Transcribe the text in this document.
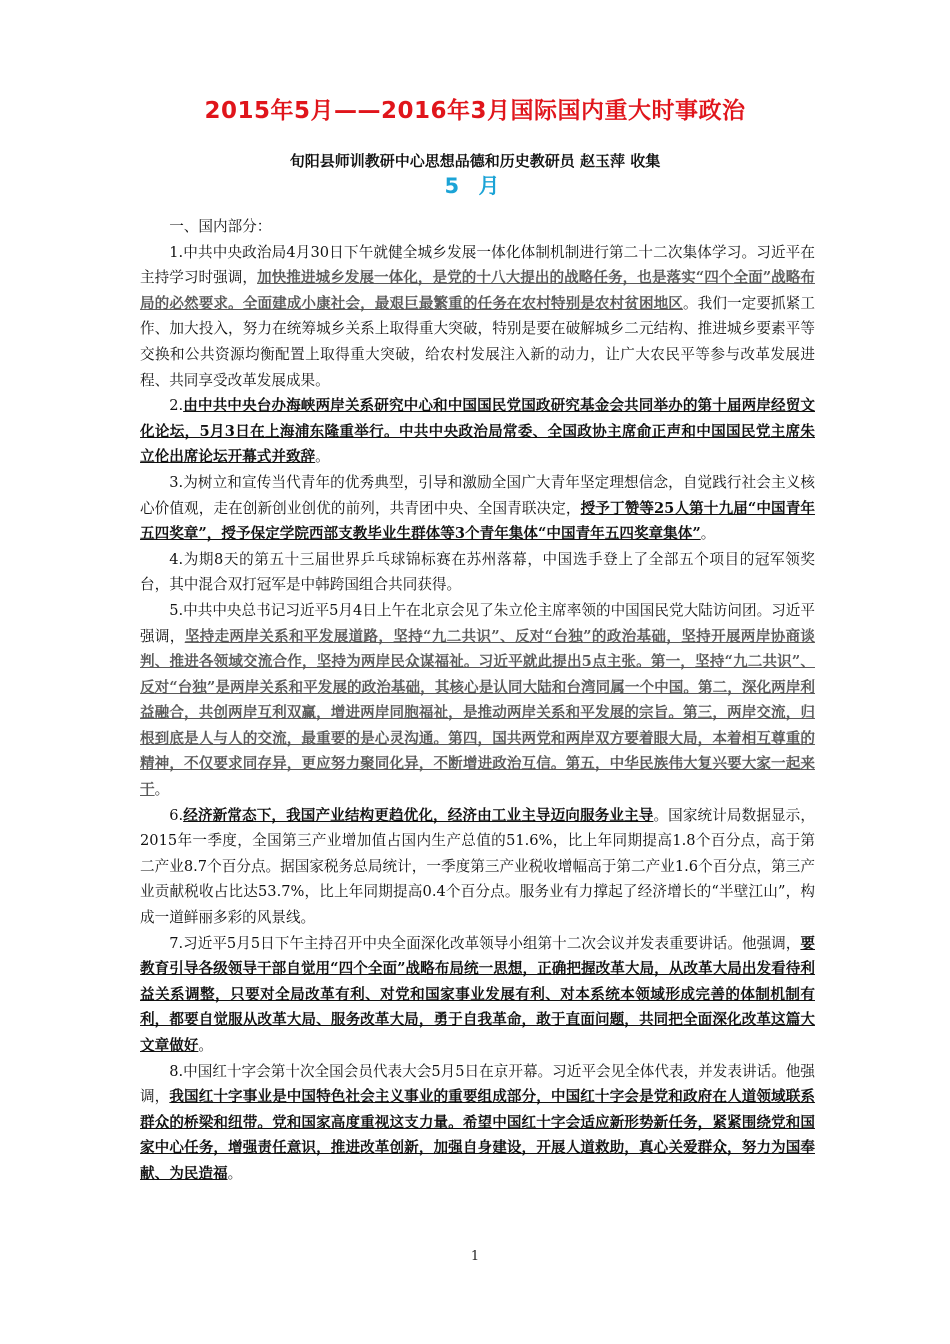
2015年5月——2016年3月国际国内重大时事政治
旬阳县师训教研中心思想品德和历史教研员 赵玉萍 收集
5 月

一、国内部分：

1.中共中央政治局4月30日下午就健全城乡发展一体化体制机制进行第二十二次集体学习。习近平在主持学习时强调，加快推进城乡发展一体化，是党的十八大提出的战略任务，也是落实“四个全面”战略布局的必然要求。全面建成小康社会，最艰巨最繁重的任务在农村特别是农村贫困地区。我们一定要抓紧工作、加大投入，努力在统筹城乡关系上取得重大突破，特别是要在破解城乡二元结构、推进城乡要素平等交换和公共资源均衡配置上取得重大突破，给农村发展注入新的动力，让广大农民平等参与改革发展进程、共同享受改革发展成果。

2.由中共中央台办海峡两岸关系研究中心和中国国民党国政研究基金会共同举办的第十届两岸经贸文化论坛，5月3日在上海浦东隆重举行。中共中央政治局常委、全国政协主席俞正声和中国国民党主席朱立伦出席论坛开幕式并致辞。

3.为树立和宣传当代青年的优秀典型，引导和激励全国广大青年坚定理想信念，自觉践行社会主义核心价值观，走在创新创业创优的前列，共青团中央、全国青联决定，授予丁赞等25人第十九届“中国青年五四奖章”，授予保定学院西部支教毕业生群体等3个青年集体“中国青年五四奖章集体”。

4.为期8天的第五十三届世界乒乓球锦标赛在苏州落幕，中国选手登上了全部五个项目的冠军领奖台，其中混合双打冠军是中韩跨国组合共同获得。

5.中共中央总书记习近平5月4日上午在北京会见了朱立伦主席率领的中国国民党大陆访问团。习近平强调，坚持走两岸关系和平发展道路，坚持“九二共识”、反对“台独”的政治基础，坚持开展两岸协商谈判、推进各领域交流合作，坚持为两岸民众谋福祉。习近平就此提出5点主张。第一，坚持“九二共识”、反对“台独”是两岸关系和平发展的政治基础，其核心是认同大陆和台湾同属一个中国。第二，深化两岸利益融合，共创两岸互利双赢，增进两岸同胞福祉，是推动两岸关系和平发展的宗旨。第三，两岸交流，归根到底是人与人的交流，最重要的是心灵沟通。第四，国共两党和两岸双方要着眼大局，本着相互尊重的精神，不仅要求同存异，更应努力聚同化异，不断增进政治互信。第五，中华民族伟大复兴要大家一起来干。

6.经济新常态下，我国产业结构更趋优化，经济由工业主导迈向服务业主导。国家统计局数据显示，2015年一季度，全国第三产业增加值占国内生产总值的51.6%，比上年同期提高1.8个百分点，高于第二产业8.7个百分点。据国家税务总局统计，一季度第三产业税收增幅高于第二产业1.6个百分点，第三产业贡献税收占比达53.7%，比上年同期提高0.4个百分点。服务业有力撑起了经济增长的“半壁江山”，构成一道鲜丽多彩的风景线。

7.习近平5月5日下午主持召开中央全面深化改革领导小组第十二次会议并发表重要讲话。他强调，要教育引导各级领导干部自觉用“四个全面”战略布局统一思想，正确把握改革大局，从改革大局出发看待利益关系调整，只要对全局改革有利、对党和国家事业发展有利、对本系统本领域形成完善的体制机制有利，都要自觉服从改革大局、服务改革大局，勇于自我革命，敢于直面问题，共同把全面深化改革这篇大文章做好。

8.中国红十字会第十次全国会员代表大会5月5日在京开幕。习近平会见全体代表，并发表讲话。他强调，我国红十字事业是中国特色社会主义事业的重要组成部分，中国红十字会是党和政府在人道领域联系群众的桥梁和纽带。党和国家高度重视这支力量。希望中国红十字会适应新形势新任务，紧紧围绕党和国家中心任务，增强责任意识，推进改革创新，加强自身建设，开展人道救助，真心关爱群众，努力为国奉献、为民造福。

1
